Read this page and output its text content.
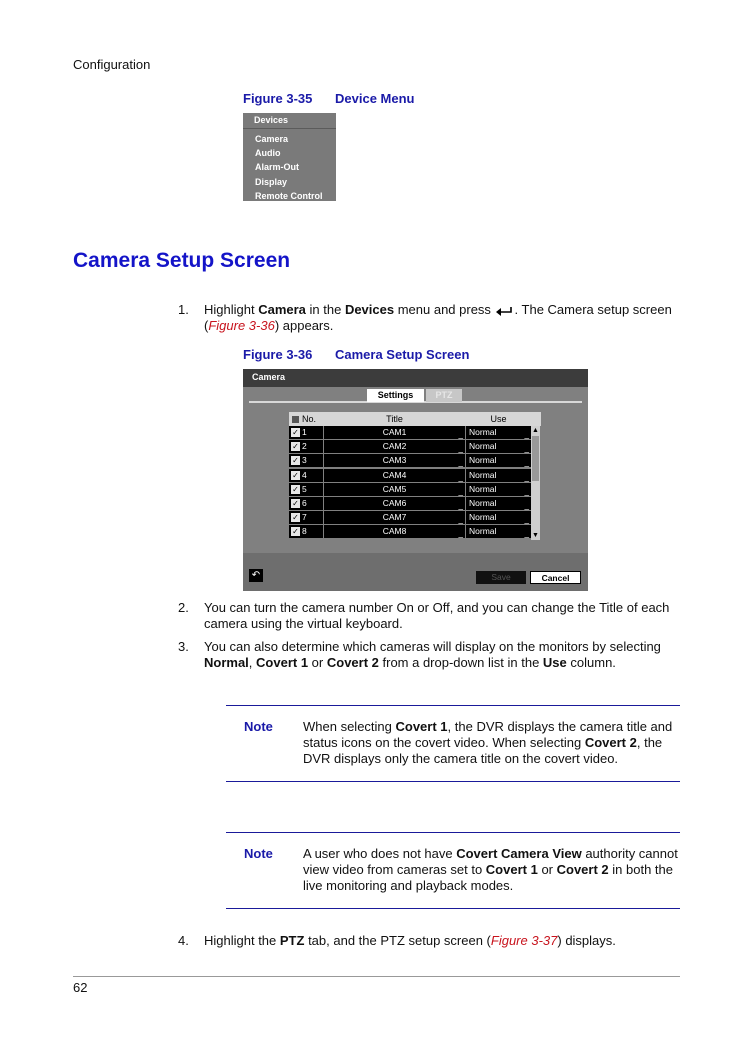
Configuration
Figure 3-35 Device Menu
Devices
Camera
Audio
Alarm-Out
Display
Remote Control
Camera Setup Screen
1. Highlight Camera in the Devices menu and press . The Camera setup screen (Figure 3-36) appears.
Figure 3-36 Camera Setup Screen
Camera
Settings	PTZ
No.	Title	Use
✓ 1	CAM1	_ Normal	_
✓ 2	CAM2	_ Normal	_
✓ 3	CAM3	_ Normal	_
✓ 4	CAM4	_ Normal	_
✓ 5	CAM5	_ Normal	_
✓ 6	CAM6	_ Normal	_
✓ 7	CAM7	_ Normal	_
✓ 8	CAM8	_ Normal	_
▲
▼
↶	Save	Cancel
2. You can turn the camera number On or Off, and you can change the Title of each camera using the virtual keyboard.
3. You can also determine which cameras will display on the monitors by selecting Normal, Covert 1 or Covert 2 from a drop-down list in the Use column.
Note When selecting Covert 1, the DVR displays the camera title and status icons on the covert video. When selecting Covert 2, the DVR displays only the camera title on the covert video.
Note A user who does not have Covert Camera View authority cannot view video from cameras set to Covert 1 or Covert 2 in both the live monitoring and playback modes.
4. Highlight the PTZ tab, and the PTZ setup screen (Figure 3-37) displays.
62
